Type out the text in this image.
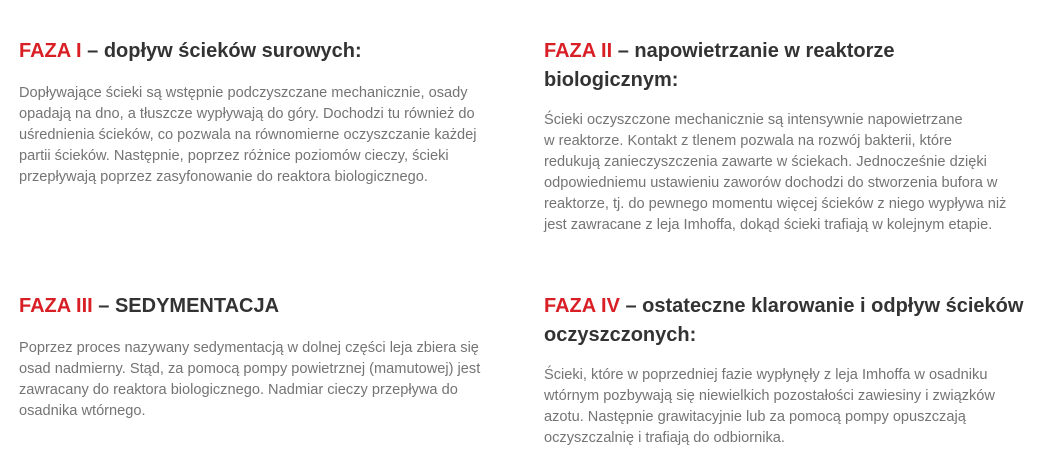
FAZA I – dopływ ścieków surowych:

Dopływające ścieki są wstępnie podczyszczane mechanicznie, osady
opadają na dno, a tłuszcze wypływają do góry. Dochodzi tu również do
uśrednienia ścieków, co pozwala na równomierne oczyszczanie każdej
partii ścieków. Następnie, poprzez różnice poziomów cieczy, ścieki
przepływają poprzez zasyfonowanie do reaktora biologicznego.

FAZA II – napowietrzanie w reaktorze biologicznym:

Ścieki oczyszczone mechanicznie są intensywnie napowietrzane
w reaktorze. Kontakt z tlenem pozwala na rozwój bakterii, które
redukują zanieczyszczenia zawarte w ściekach. Jednocześnie dzięki
odpowiedniemu ustawieniu zaworów dochodzi do stworzenia bufora w
reaktorze, tj. do pewnego momentu więcej ścieków z niego wypływa niż
jest zawracane z leja Imhoffa, dokąd ścieki trafiają w kolejnym etapie.

FAZA III – SEDYMENTACJA

Poprzez proces nazywany sedymentacją w dolnej części leja zbiera się
osad nadmierny. Stąd, za pomocą pompy powietrznej (mamutowej) jest
zawracany do reaktora biologicznego. Nadmiar cieczy przepływa do
osadnika wtórnego.

FAZA IV – ostateczne klarowanie i odpływ ścieków oczyszczonych:

Ścieki, które w poprzedniej fazie wypłynęły z leja Imhoffa w osadniku
wtórnym pozbywają się niewielkich pozostałości zawiesiny i związków
azotu. Następnie grawitacyjnie lub za pomocą pompy opuszczają
oczyszczalnię i trafiają do odbiornika.
